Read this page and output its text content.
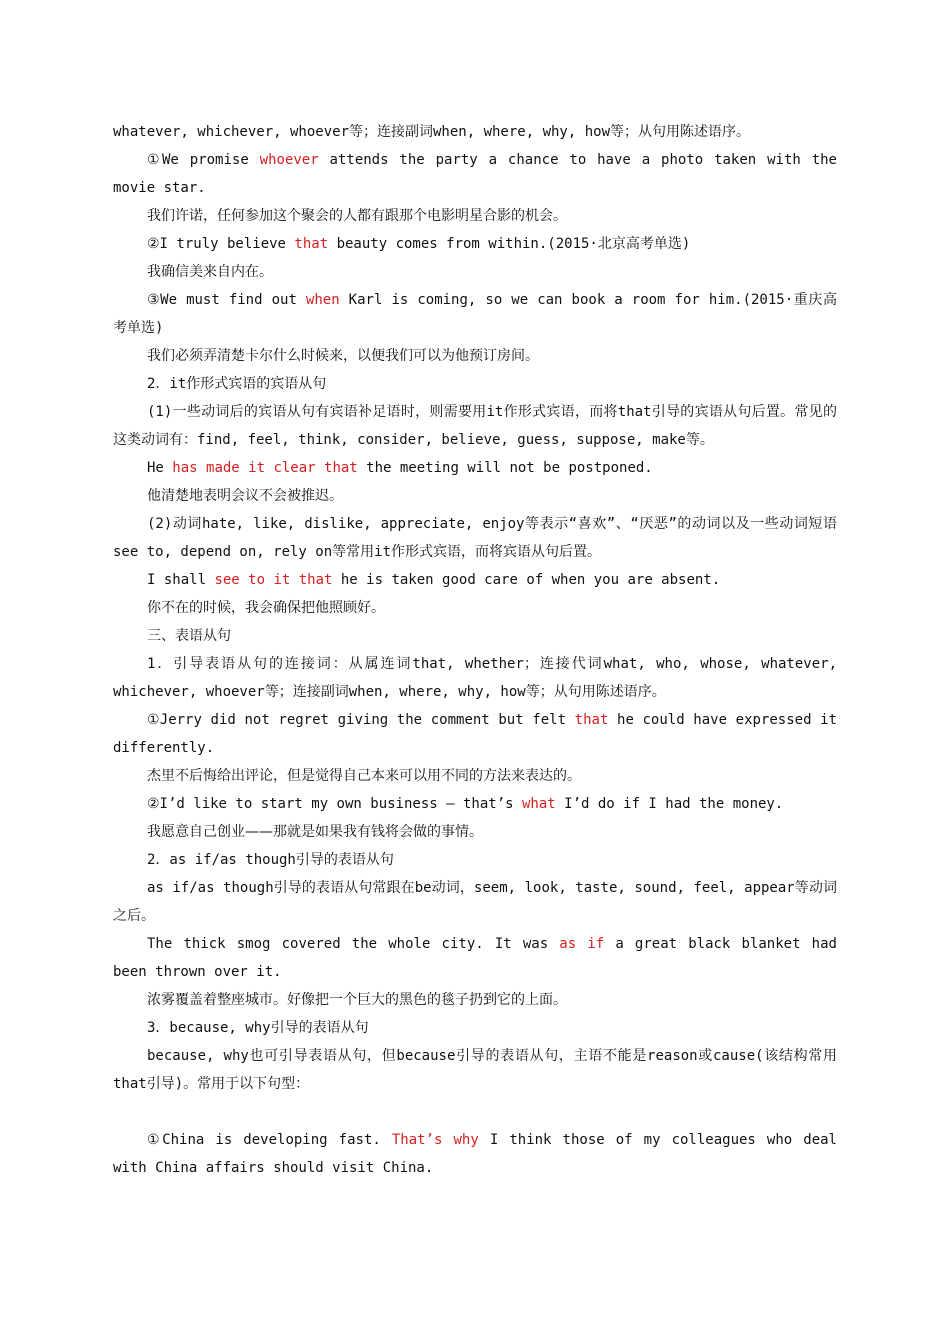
whatever, whichever, whoever等；连接副词when, where, why, how等；从句用陈述语序。

①We promise whoever attends the party a chance to have a photo taken with the movie star.

我们许诺，任何参加这个聚会的人都有跟那个电影明星合影的机会。

②I truly believe that beauty comes from within.(2015·北京高考单选)

我确信美来自内在。

③We must find out when Karl is coming, so we can book a room for him.(2015·重庆高考单选)

我们必须弄清楚卡尔什么时候来，以便我们可以为他预订房间。

2．it作形式宾语的宾语从句

(1)一些动词后的宾语从句有宾语补足语时，则需要用it作形式宾语，而将that引导的宾语从句后置。常见的这类动词有：find, feel, think, consider, believe, guess, suppose, make等。

He has made it clear that the meeting will not be postponed.

他清楚地表明会议不会被推迟。

(2)动词hate, like, dislike, appreciate, enjoy等表示“喜欢”、“厌恶”的动词以及一些动词短语see to, depend on, rely on等常用it作形式宾语，而将宾语从句后置。

I shall see to it that he is taken good care of when you are absent.

你不在的时候，我会确保把他照顾好。

三、表语从句

1．引导表语从句的连接词：从属连词that, whether；连接代词what, who, whose, whatever, whichever, whoever等；连接副词when, where, why, how等；从句用陈述语序。

①Jerry did not regret giving the comment but felt that he could have expressed it differently.

杰里不后悔给出评论，但是觉得自己本来可以用不同的方法来表达的。

②I’d like to start my own business — that’s what I’d do if I had the money.

我愿意自己创业——那就是如果我有钱将会做的事情。

2．as if/as though引导的表语从句

as if/as though引导的表语从句常跟在be动词，seem, look, taste, sound, feel, appear等动词之后。

The thick smog covered the whole city. It was as if a great black blanket had been thrown over it.

浓雾覆盖着整座城市。好像把一个巨大的黑色的毯子扔到它的上面。

3．because, why引导的表语从句

because, why也可引导表语从句，但because引导的表语从句，主语不能是reason或cause(该结构常用that引导)。常用于以下句型：

①China is developing fast. That’s why I think those of my colleagues who deal with China affairs should visit China.
